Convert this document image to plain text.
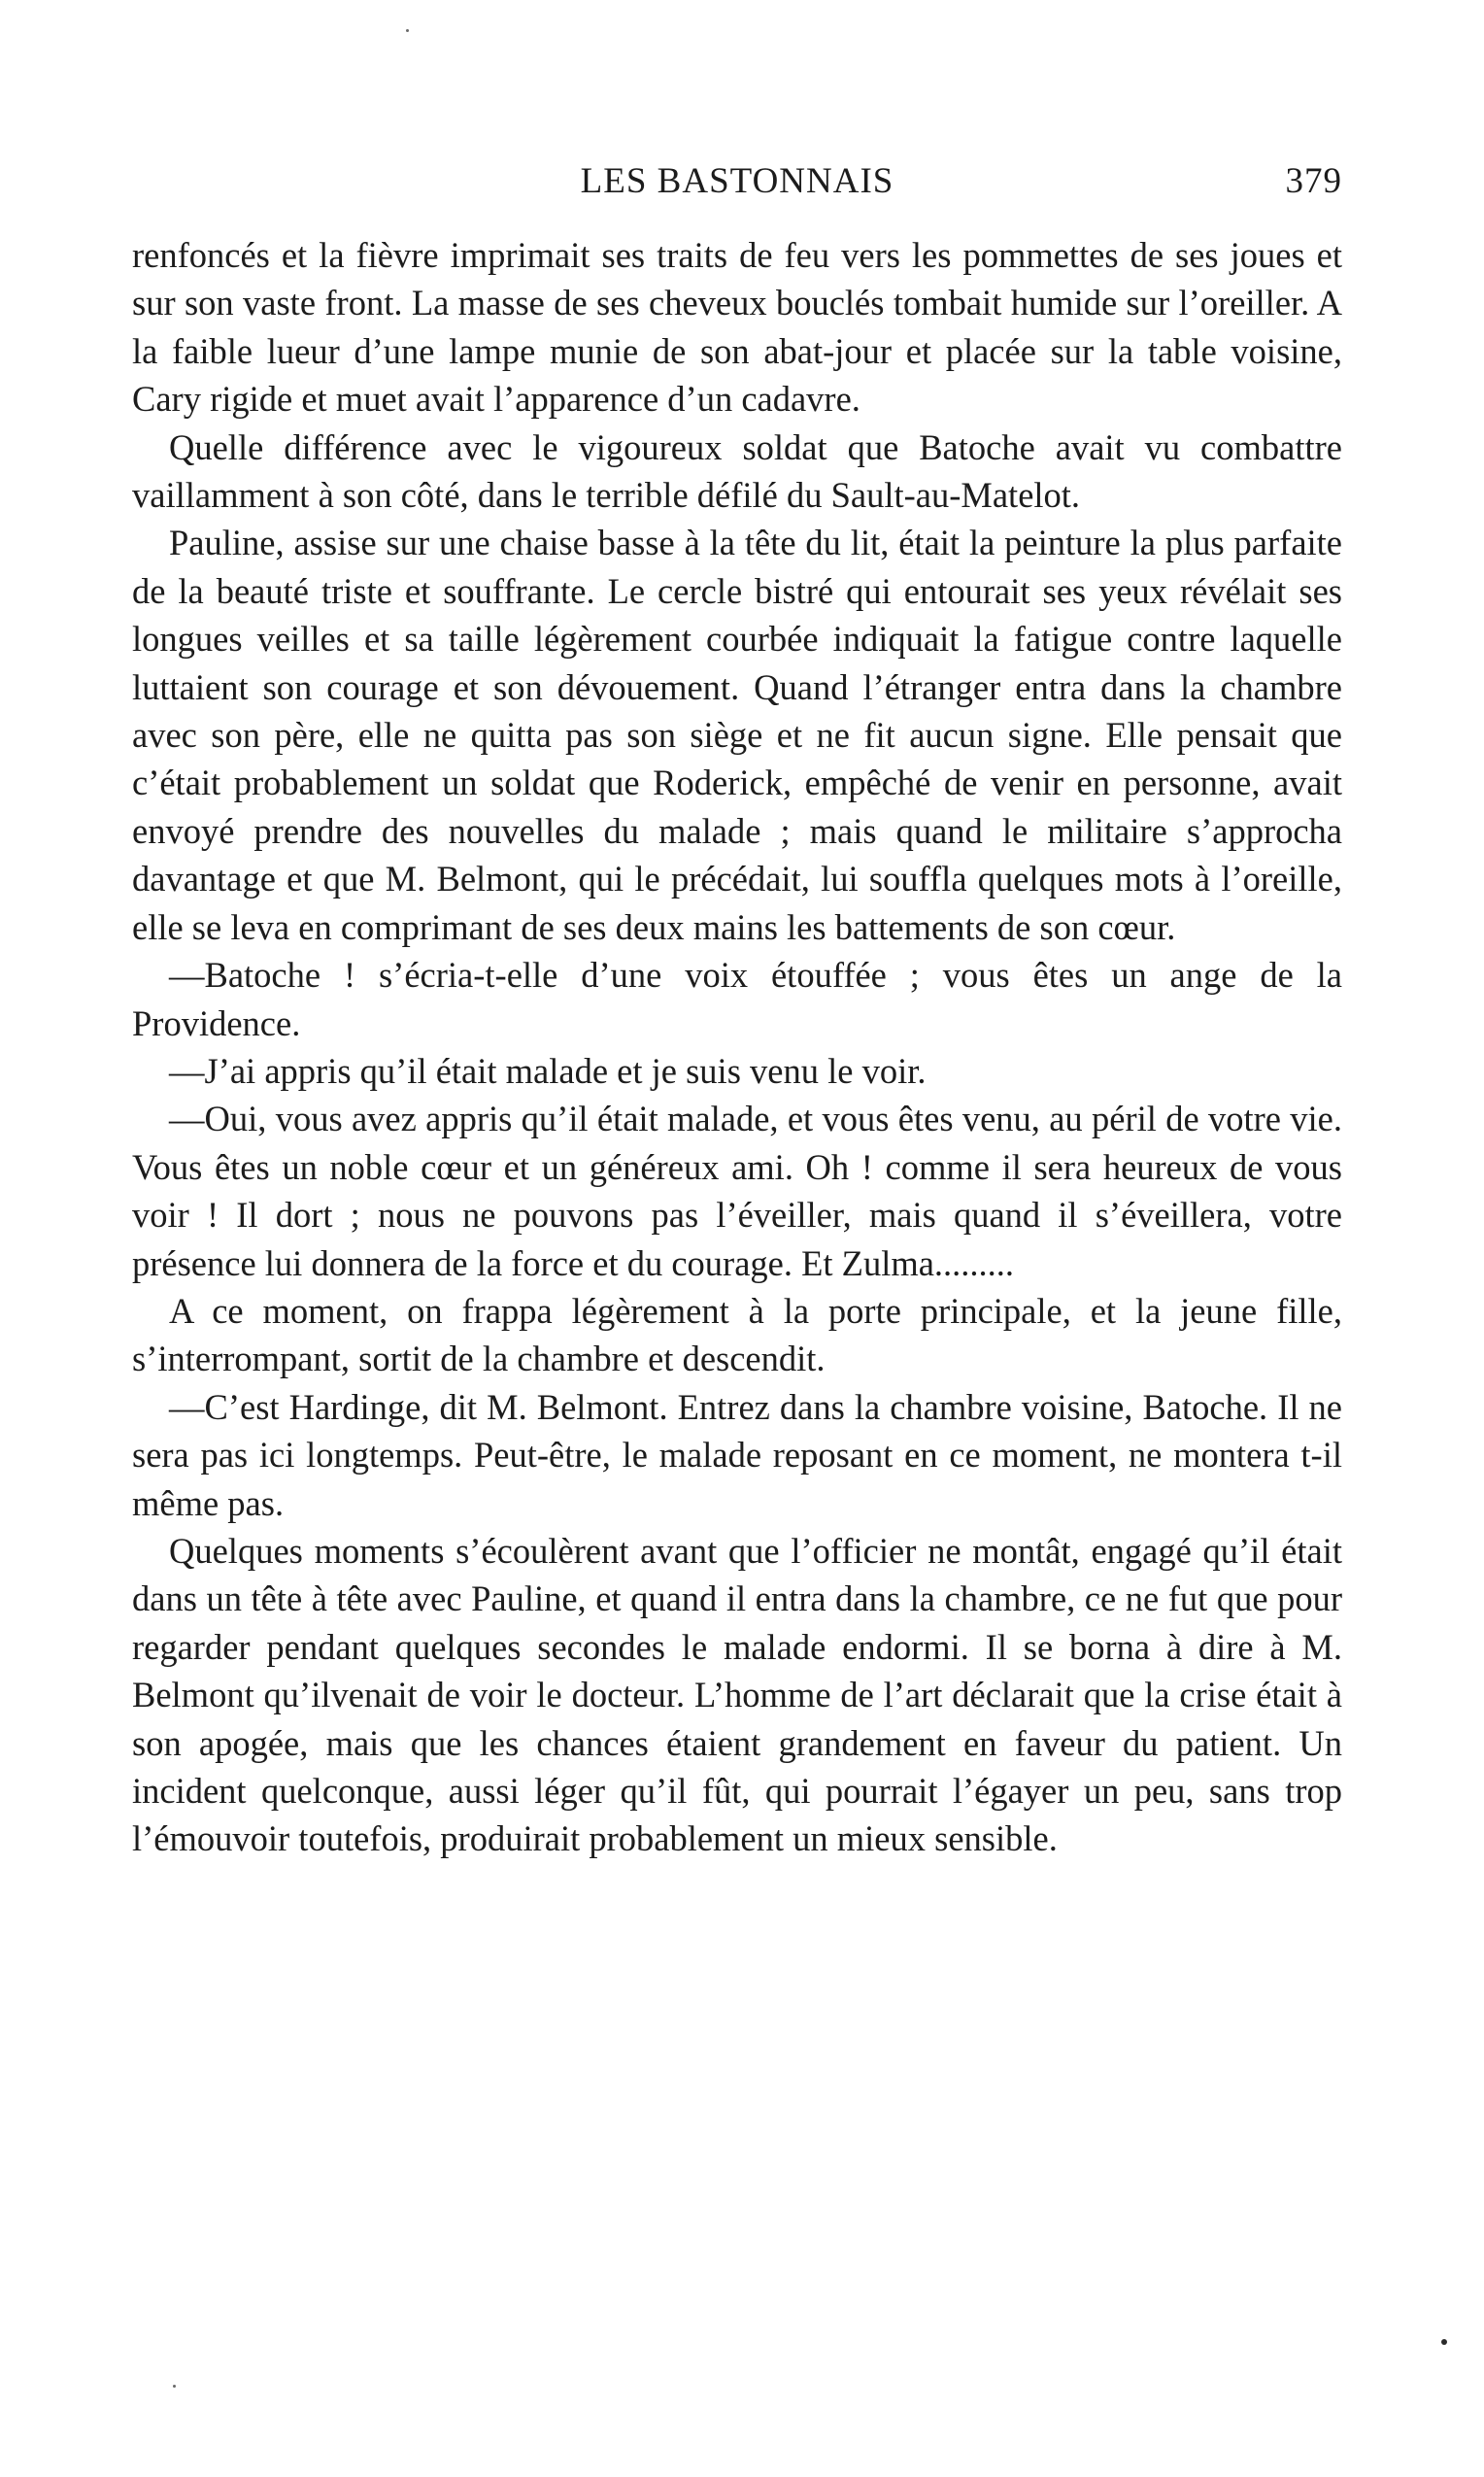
LES BASTONNAIS	379

renfoncés et la fièvre imprimait ses traits de feu vers les pommettes de ses joues et sur son vaste front. La masse de ses cheveux bouclés tombait humide sur l’oreiller. A la faible lueur d’une lampe munie de son abat-jour et placée sur la table voisine, Cary rigide et muet avait l’apparence d’un cadavre.

Quelle différence avec le vigoureux soldat que Batoche avait vu combattre vaillamment à son côté, dans le terrible défilé du Sault-au-Matelot.

Pauline, assise sur une chaise basse à la tête du lit, était la peinture la plus parfaite de la beauté triste et souffrante. Le cercle bistré qui entourait ses yeux révélait ses longues veilles et sa taille légèrement courbée indiquait la fatigue contre laquelle luttaient son courage et son dévouement. Quand l’étranger entra dans la chambre avec son père, elle ne quitta pas son siège et ne fit aucun signe. Elle pensait que c’était probablement un soldat que Roderick, empêché de venir en personne, avait envoyé prendre des nouvelles du malade ; mais quand le militaire s’approcha davantage et que M. Belmont, qui le précédait, lui souffla quelques mots à l’oreille, elle se leva en comprimant de ses deux mains les battements de son cœur.

—Batoche ! s’écria-t-elle d’une voix étouffée ; vous êtes un ange de la Providence.

—J’ai appris qu’il était malade et je suis venu le voir.

—Oui, vous avez appris qu’il était malade, et vous êtes venu, au péril de votre vie. Vous êtes un noble cœur et un généreux ami. Oh ! comme il sera heureux de vous voir ! Il dort ; nous ne pouvons pas l’éveiller, mais quand il s’éveillera, votre présence lui donnera de la force et du courage. Et Zulma.........

A ce moment, on frappa légèrement à la porte principale, et la jeune fille, s’interrompant, sortit de la chambre et descendit.

—C’est Hardinge, dit M. Belmont. Entrez dans la chambre voisine, Batoche. Il ne sera pas ici longtemps. Peut-être, le malade reposant en ce moment, ne montera t-il même pas.

Quelques moments s’écoulèrent avant que l’officier ne montât, engagé qu’il était dans un tête à tête avec Pauline, et quand il entra dans la chambre, ce ne fut que pour regarder pendant quelques secondes le malade endormi. Il se borna à dire à M. Belmont qu’ilvenait de voir le docteur. L’homme de l’art déclarait que la crise était à son apogée, mais que les chances étaient grandement en faveur du patient. Un incident quelconque, aussi léger qu’il fût, qui pourrait l’égayer un peu, sans trop l’émouvoir toutefois, produirait probablement un mieux sensible.
